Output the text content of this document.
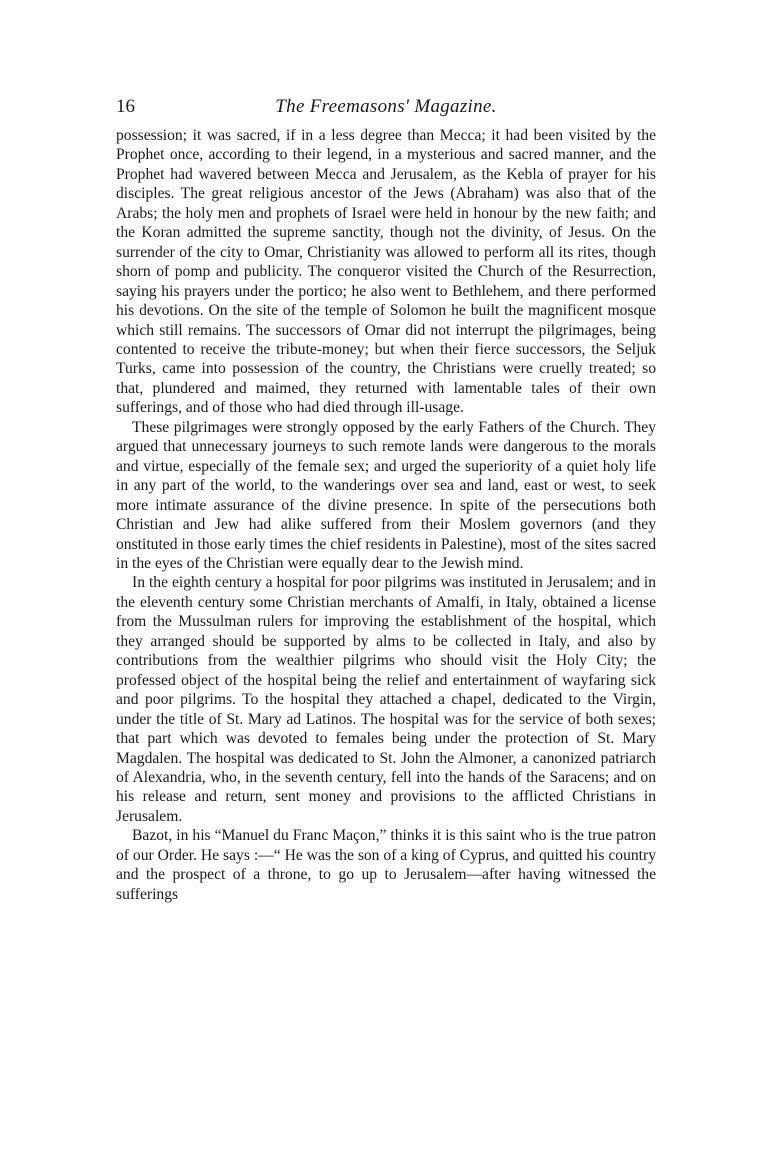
16	The Freemasons' Magazine.

possession; it was sacred, if in a less degree than Mecca; it had been visited by the Prophet once, according to their legend, in a mysterious and sacred manner, and the Prophet had wavered between Mecca and Jerusalem, as the Kebla of prayer for his disciples. The great religious ancestor of the Jews (Abraham) was also that of the Arabs; the holy men and prophets of Israel were held in honour by the new faith; and the Koran admitted the supreme sanctity, though not the divinity, of Jesus. On the surrender of the city to Omar, Christianity was allowed to perform all its rites, though shorn of pomp and publicity. The conqueror visited the Church of the Resurrection, saying his prayers under the portico; he also went to Bethlehem, and there performed his devotions. On the site of the temple of Solomon he built the magnificent mosque which still remains. The successors of Omar did not interrupt the pilgrimages, being contented to receive the tribute-money; but when their fierce successors, the Seljuk Turks, came into possession of the country, the Christians were cruelly treated; so that, plundered and maimed, they returned with lamentable tales of their own sufferings, and of those who had died through ill-usage.

These pilgrimages were strongly opposed by the early Fathers of the Church. They argued that unnecessary journeys to such remote lands were dangerous to the morals and virtue, especially of the female sex; and urged the superiority of a quiet holy life in any part of the world, to the wanderings over sea and land, east or west, to seek more intimate assurance of the divine presence. In spite of the persecutions both Christian and Jew had alike suffered from their Moslem governors (and they onstituted in those early times the chief residents in Palestine), most of the sites sacred in the eyes of the Christian were equally dear to the Jewish mind.

In the eighth century a hospital for poor pilgrims was instituted in Jerusalem; and in the eleventh century some Christian merchants of Amalfi, in Italy, obtained a license from the Mussulman rulers for improving the establishment of the hospital, which they arranged should be supported by alms to be collected in Italy, and also by contributions from the wealthier pilgrims who should visit the Holy City; the professed object of the hospital being the relief and entertainment of wayfaring sick and poor pilgrims. To the hospital they attached a chapel, dedicated to the Virgin, under the title of St. Mary ad Latinos. The hospital was for the service of both sexes; that part which was devoted to females being under the protection of St. Mary Magdalen. The hospital was dedicated to St. John the Almoner, a canonized patriarch of Alexandria, who, in the seventh century, fell into the hands of the Saracens; and on his release and return, sent money and provisions to the afflicted Christians in Jerusalem.

Bazot, in his “Manuel du Franc Maçon,” thinks it is this saint who is the true patron of our Order. He says :—“ He was the son of a king of Cyprus, and quitted his country and the prospect of a throne, to go up to Jerusalem—after having witnessed the sufferings
